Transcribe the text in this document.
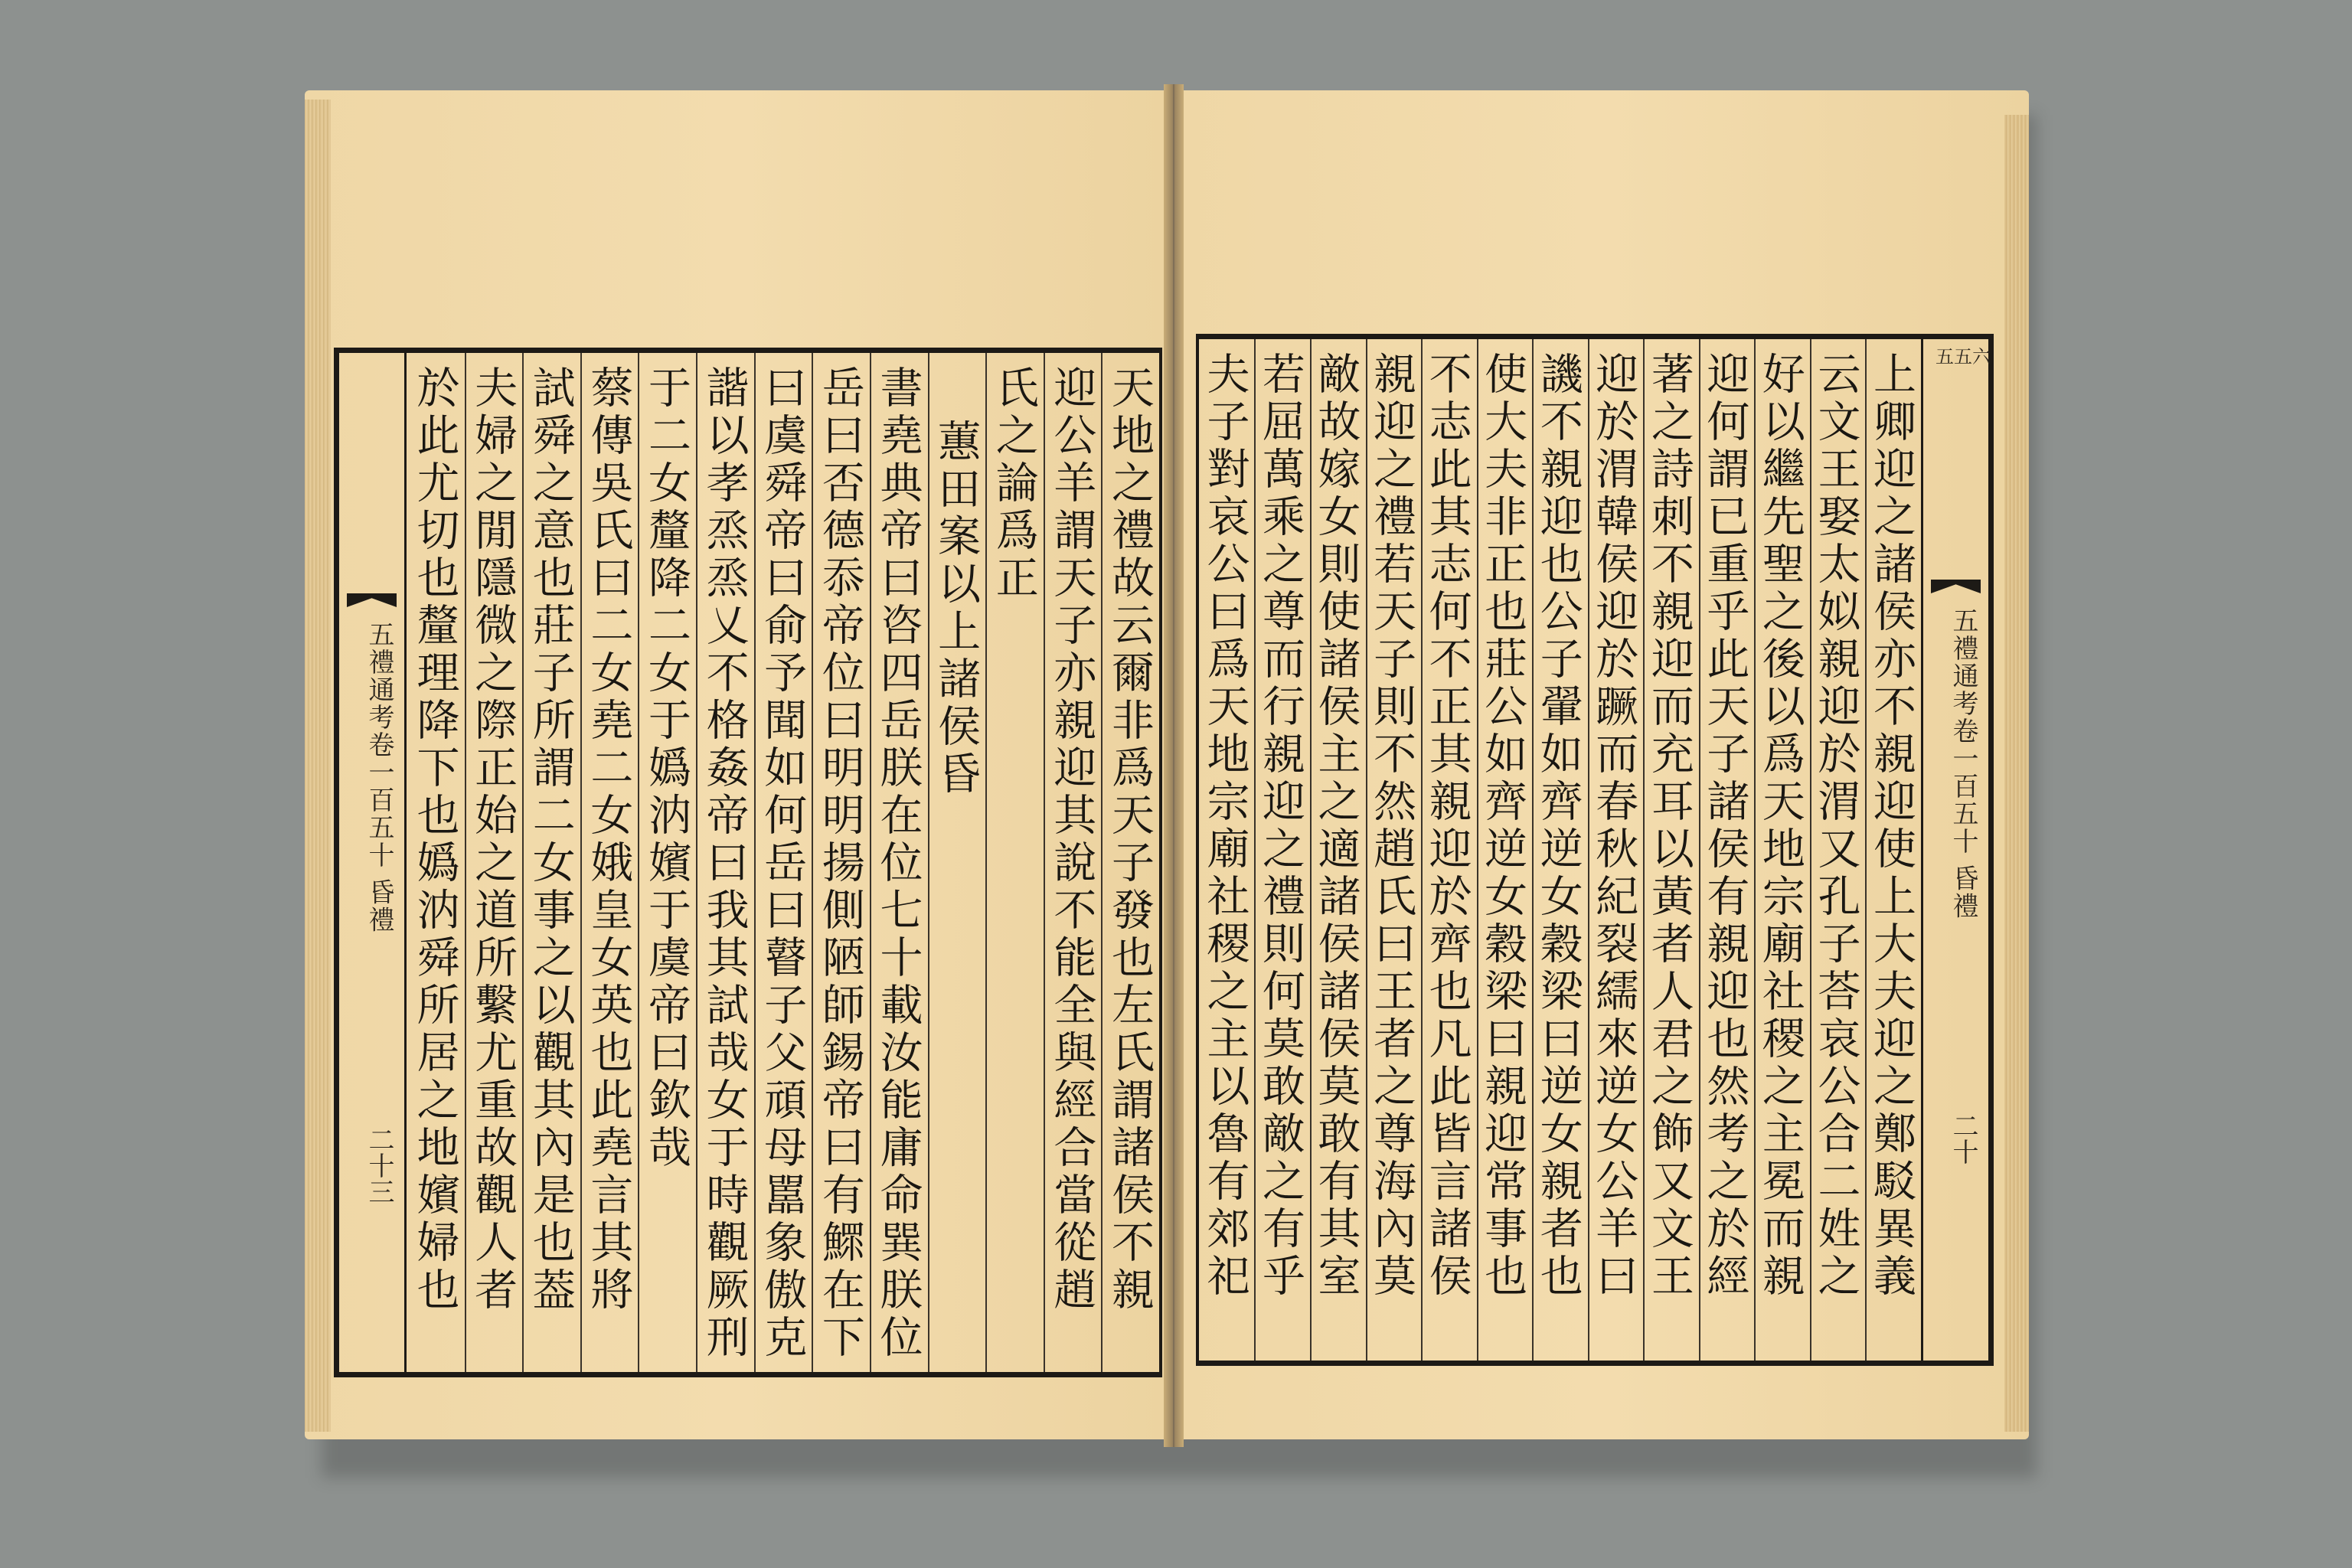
五禮通考卷一百五十 昏禮
二十三	天地之禮故云爾非爲天子發也左氏謂諸侯不親
迎公羊謂天子亦親迎其說不能全與經合當從趙
氏之論爲正
蕙田案以上諸侯昏
書堯典帝曰咨四岳朕在位七十載汝能庸命巽朕位
岳曰否德忝帝位曰明明揚側陋師錫帝曰有鰥在下
曰虞舜帝曰俞予聞如何岳曰瞽子父頑母嚚象傲克
諧以孝烝烝乂不格姦帝曰我其試哉女于時觀厥刑
于二女釐降二女于嬀汭嬪于虞帝曰欽哉
蔡傳吳氏曰二女堯二女娥皇女英也此堯言其將
試舜之意也莊子所謂二女事之以觀其內是也葢
夫婦之閒隱微之際正始之道所繫尤重故觀人者
於此尤切也釐理降下也嬀汭舜所居之地嬪婦也	五禮通考卷一百五十 昏禮
二十
上卿迎之諸侯亦不親迎使上大夫迎之鄭駁異義
云文王娶太姒親迎於渭又孔子荅哀公合二姓之
好以繼先聖之後以爲天地宗廟社稷之主冕而親
迎何謂已重乎此天子諸侯有親迎也然考之於經
著之詩刺不親迎而充耳以黃者人君之飾又文王
迎於渭韓侯迎於蹶而春秋紀裂繻來逆女公羊曰
譏不親迎也公子翬如齊逆女穀梁曰逆女親者也
使大夫非正也莊公如齊逆女穀梁曰親迎常事也
不志此其志何不正其親迎於齊也凡此皆言諸侯
親迎之禮若天子則不然趙氏曰王者之尊海內莫
敵故嫁女則使諸侯主之適諸侯諸侯莫敢有其室
若屈萬乘之尊而行親迎之禮則何莫敢敵之有乎
夫子對哀公曰爲天地宗廟社稷之主以魯有郊祀	五五六
